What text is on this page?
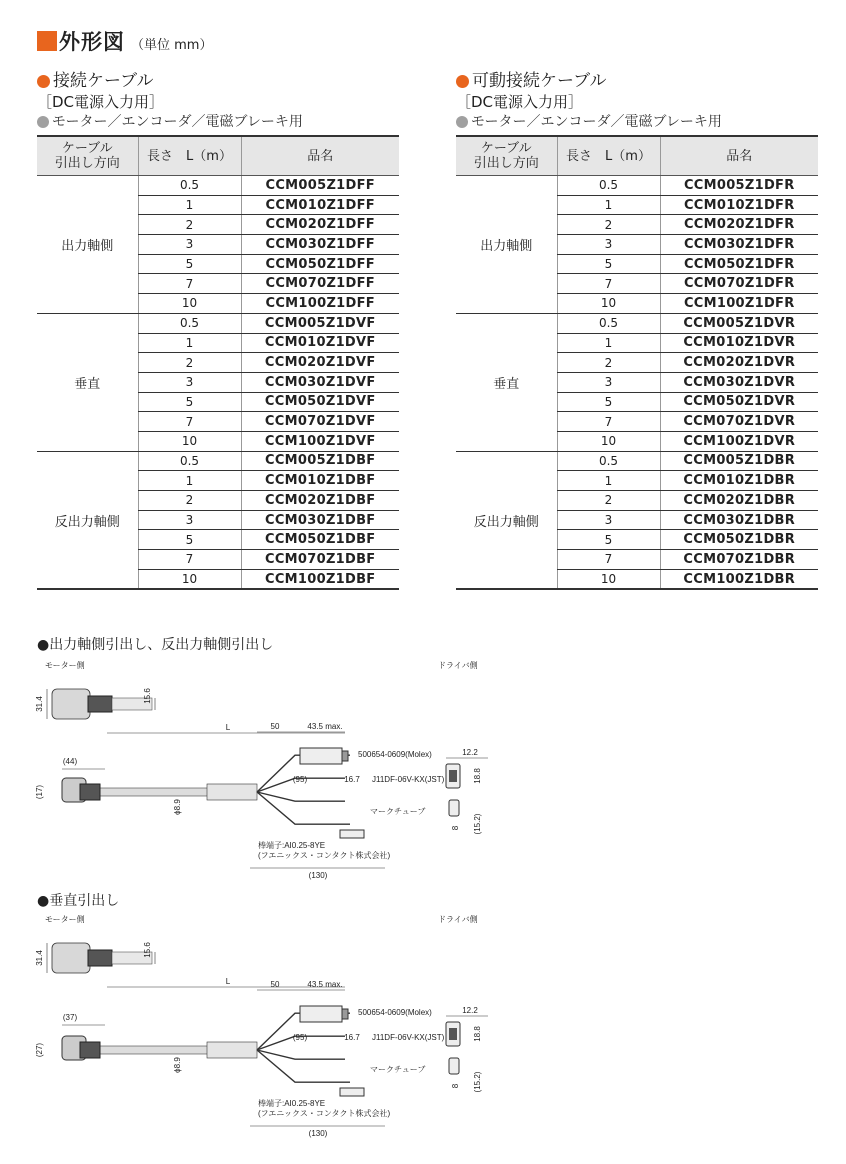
外形図 （単位 mm）
接続ケーブル
［DC電源入力用］
モーター／エンコーダ／電磁ブレーキ用
ケーブル
引出し方向	長さ　L（m）	品名
出力軸側	0.5	CCM005Z1DFF
	1	CCM010Z1DFF
	2	CCM020Z1DFF
	3	CCM030Z1DFF
	5	CCM050Z1DFF
	7	CCM070Z1DFF
	10	CCM100Z1DFF
垂直	0.5	CCM005Z1DVF
	1	CCM010Z1DVF
	2	CCM020Z1DVF
	3	CCM030Z1DVF
	5	CCM050Z1DVF
	7	CCM070Z1DVF
	10	CCM100Z1DVF
反出力軸側	0.5	CCM005Z1DBF
	1	CCM010Z1DBF
	2	CCM020Z1DBF
	3	CCM030Z1DBF
	5	CCM050Z1DBF
	7	CCM070Z1DBF
	10	CCM100Z1DBF
可動接続ケーブル
［DC電源入力用］
モーター／エンコーダ／電磁ブレーキ用
ケーブル
引出し方向	長さ　L（m）	品名
出力軸側	0.5	CCM005Z1DFR
	1	CCM010Z1DFR
	2	CCM020Z1DFR
	3	CCM030Z1DFR
	5	CCM050Z1DFR
	7	CCM070Z1DFR
	10	CCM100Z1DFR
垂直	0.5	CCM005Z1DVR
	1	CCM010Z1DVR
	2	CCM020Z1DVR
	3	CCM030Z1DVR
	5	CCM050Z1DVR
	7	CCM070Z1DVR
	10	CCM100Z1DVR
反出力軸側	0.5	CCM005Z1DBR
	1	CCM010Z1DBR
	2	CCM020Z1DBR
	3	CCM030Z1DBR
	5	CCM050Z1DBR
	7	CCM070Z1DBR
	10	CCM100Z1DBR
●出力軸側引出し、反出力軸側引出し
モーター側	ドライバ側
31.4
15.6
L
(44)
(17)
ϕ8.9
50	43.5 max.
500654-0609(Molex)
(95)	16.7 J11DF-06V-KX(JST)
マークチューブ
棒端子:AI0.25-8YE
(フエニックス・コンタクト株式会社)
(130)
12.2
18.8
8 (15.2)
●垂直引出し
モーター側	ドライバ側
31.4
15.6
L
(37)
(27)
ϕ8.9
50	43.5 max.
500654-0609(Molex)
(95)	16.7 J11DF-06V-KX(JST)
マークチューブ
棒端子:AI0.25-8YE
(フエニックス・コンタクト株式会社)
(130)
12.2
18.8
8 (15.2)
